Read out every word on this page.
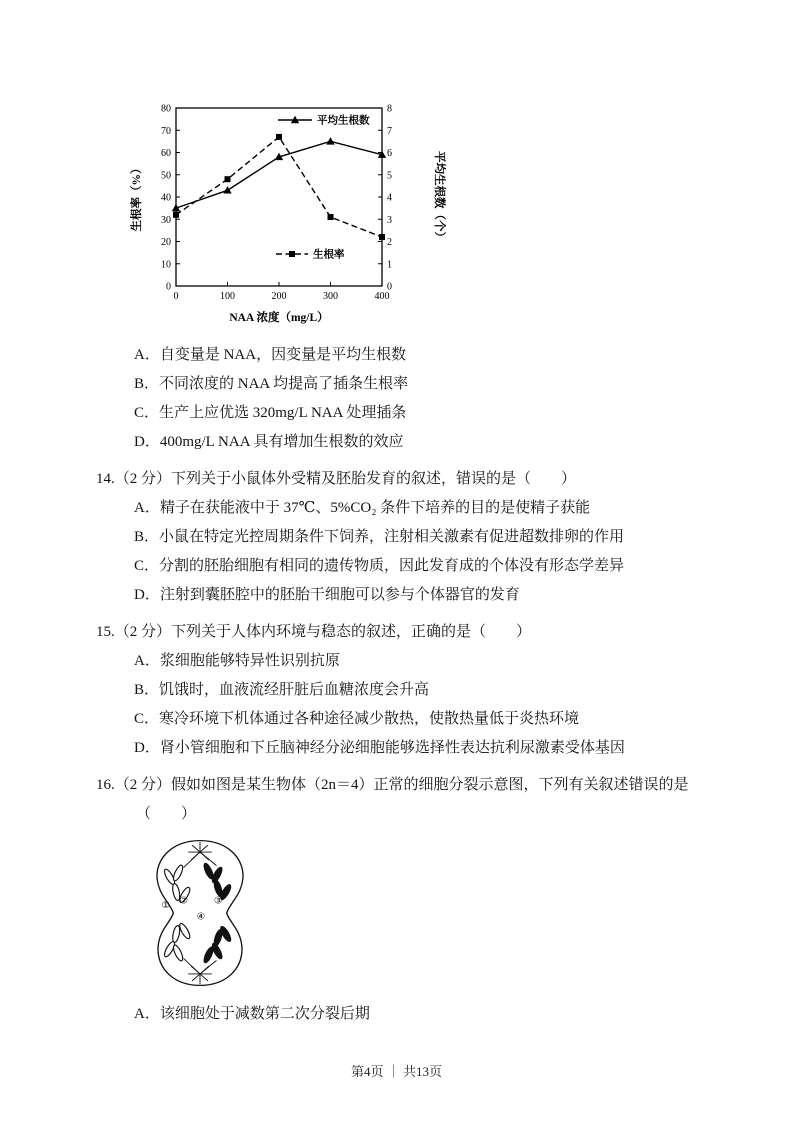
0
10
20
30
40
50
60
70
80
0
1
2
3
4
5
6
7
8
0	100	200	300	400
NAA 浓度（mg/L）
生根率（%）	平均生根数（个）
平均生根数
生根率

A．自变量是 NAA，因变量是平均生根数

B．不同浓度的 NAA 均提高了插条生根率

C．生产上应优选 320mg/L NAA 处理插条

D．400mg/L NAA 具有增加生根数的效应

14.（2 分）下列关于小鼠体外受精及胚胎发育的叙述，错误的是（　　）

A．精子在获能液中于 37℃、5%CO₂ 条件下培养的目的是使精子获能

B．小鼠在特定光控周期条件下饲养，注射相关激素有促进超数排卵的作用

C．分割的胚胎细胞有相同的遗传物质，因此发育成的个体没有形态学差异

D．注射到囊胚腔中的胚胎干细胞可以参与个体器官的发育

15.（2 分）下列关于人体内环境与稳态的叙述，正确的是（　　）

A．浆细胞能够特异性识别抗原

B．饥饿时，血液流经肝脏后血糖浓度会升高

C．寒冷环境下机体通过各种途径减少散热，使散热量低于炎热环境

D．肾小管细胞和下丘脑神经分泌细胞能够选择性表达抗利尿激素受体基因

16.（2 分）假如如图是某生物体（2n＝4）正常的细胞分裂示意图，下列有关叙述错误的是（　　）

① ②	③
④

A．该细胞处于减数第二次分裂后期

第4页 ｜ 共13页
